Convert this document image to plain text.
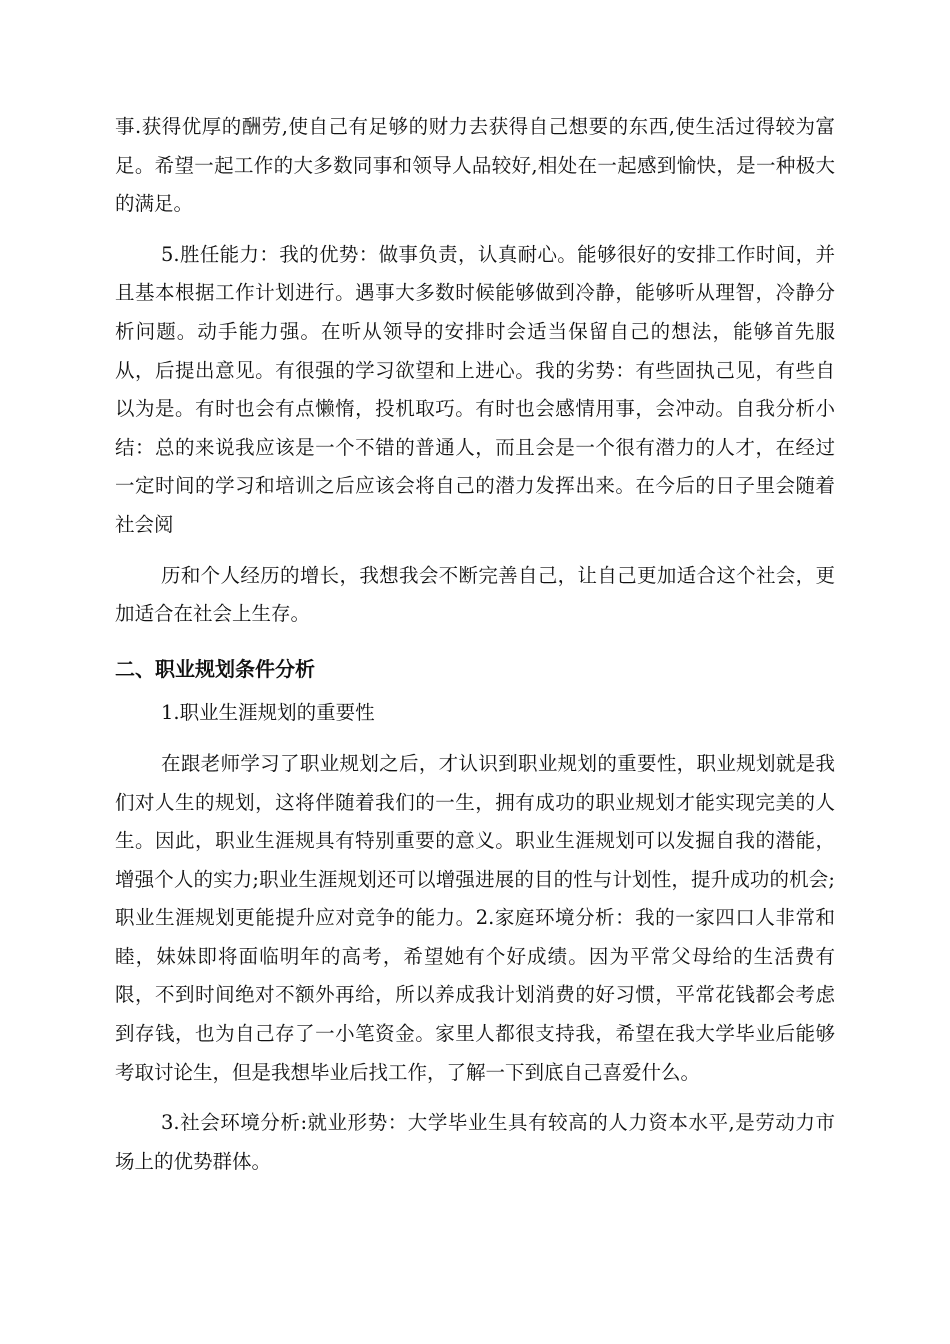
事.获得优厚的酬劳,使自己有足够的财力去获得自己想要的东西,使生活过得较为富足。希望一起工作的大多数同事和领导人品较好,相处在一起感到愉快，是一种极大的满足。

5.胜任能力：我的优势：做事负责，认真耐心。能够很好的安排工作时间，并且基本根据工作计划进行。遇事大多数时候能够做到冷静，能够听从理智，冷静分析问题。动手能力强。在听从领导的安排时会适当保留自己的想法，能够首先服从，后提出意见。有很强的学习欲望和上进心。我的劣势：有些固执己见，有些自以为是。有时也会有点懒惰，投机取巧。有时也会感情用事，会冲动。自我分析小结：总的来说我应该是一个不错的普通人，而且会是一个很有潜力的人才，在经过一定时间的学习和培训之后应该会将自己的潜力发挥出来。在今后的日子里会随着社会阅

历和个人经历的增长，我想我会不断完善自己，让自己更加适合这个社会，更加适合在社会上生存。

二、职业规划条件分析

1.职业生涯规划的重要性

在跟老师学习了职业规划之后，才认识到职业规划的重要性，职业规划就是我们对人生的规划，这将伴随着我们的一生，拥有成功的职业规划才能实现完美的人生。因此，职业生涯规具有特别重要的意义。职业生涯规划可以发掘自我的潜能，增强个人的实力;职业生涯规划还可以增强进展的目的性与计划性，提升成功的机会;职业生涯规划更能提升应对竞争的能力。2.家庭环境分析：我的一家四口人非常和睦，妹妹即将面临明年的高考，希望她有个好成绩。因为平常父母给的生活费有限，不到时间绝对不额外再给，所以养成我计划消费的好习惯，平常花钱都会考虑到存钱，也为自己存了一小笔资金。家里人都很支持我，希望在我大学毕业后能够考取讨论生，但是我想毕业后找工作，了解一下到底自己喜爱什么。

3.社会环境分析:就业形势：大学毕业生具有较高的人力资本水平,是劳动力市场上的优势群体。
